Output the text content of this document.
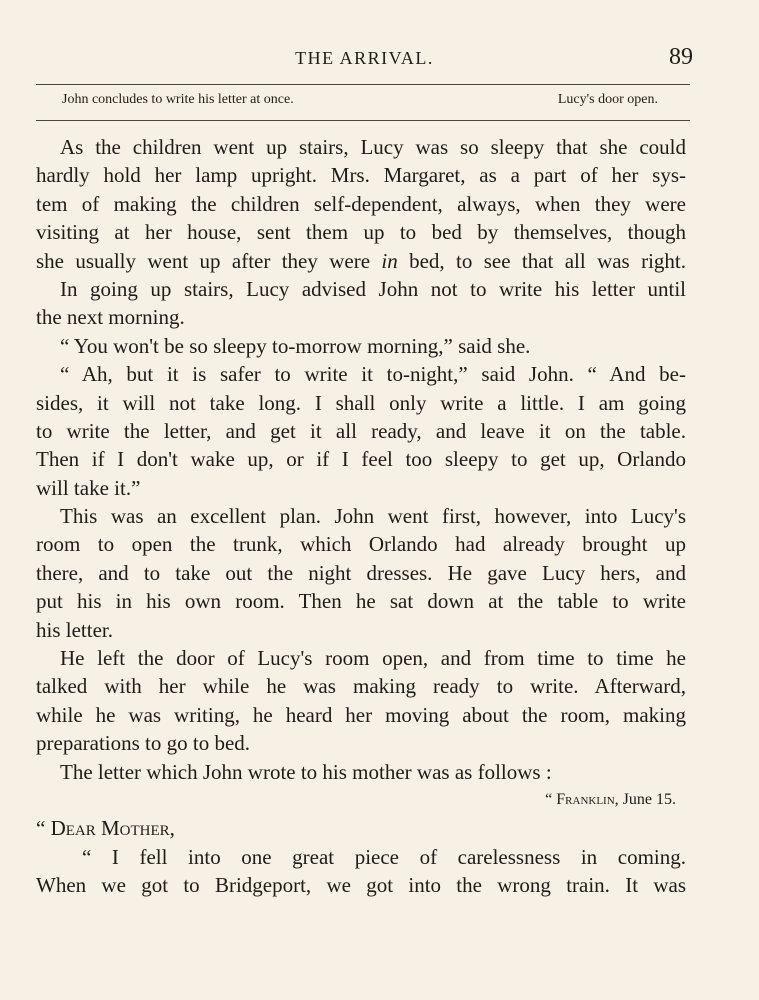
THE ARRIVAL.	89
John concludes to write his letter at once.	Lucy's door open.
As the children went up stairs, Lucy was so sleepy that she could
hardly hold her lamp upright. Mrs. Margaret, as a part of her sys-
tem of making the children self-dependent, always, when they were
visiting at her house, sent them up to bed by themselves, though
she usually went up after they were in bed, to see that all was right.
In going up stairs, Lucy advised John not to write his letter until
the next morning.
“ You won't be so sleepy to-morrow morning,” said she.
“ Ah, but it is safer to write it to-night,” said John. “ And be-
sides, it will not take long. I shall only write a little. I am going
to write the letter, and get it all ready, and leave it on the table.
Then if I don't wake up, or if I feel too sleepy to get up, Orlando
will take it.”
This was an excellent plan. John went first, however, into Lucy's
room to open the trunk, which Orlando had already brought up
there, and to take out the night dresses. He gave Lucy hers, and
put his in his own room. Then he sat down at the table to write
his letter.
He left the door of Lucy's room open, and from time to time he
talked with her while he was making ready to write. Afterward,
while he was writing, he heard her moving about the room, making
preparations to go to bed.
The letter which John wrote to his mother was as follows :
“ Franklin, June 15.
“ Dear Mother,
“ I fell into one great piece of carelessness in coming.
When we got to Bridgeport, we got into the wrong train. It was
